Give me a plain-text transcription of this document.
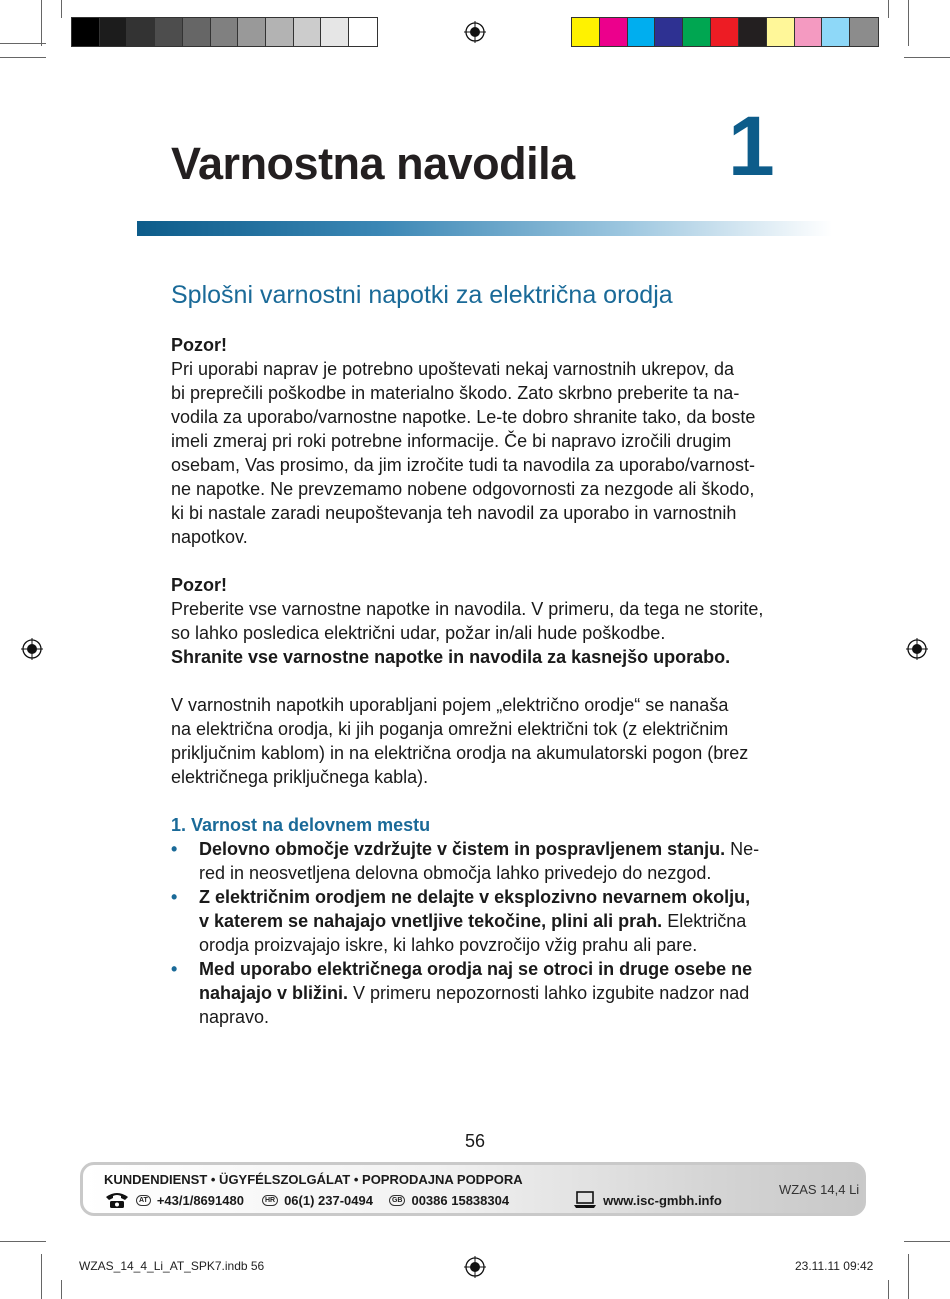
Varnostna navodila 1
Splošni varnostni napotki za električna orodja

Pozor!

Pri uporabi naprav je potrebno upoštevati nekaj varnostnih ukrepov, da
bi preprečili poškodbe in materialno škodo. Zato skrbno preberite ta na-
vodila za uporabo/varnostne napotke. Le-te dobro shranite tako, da boste
imeli zmeraj pri roki potrebne informacije. Če bi napravo izročili drugim
osebam, Vas prosimo, da jim izročite tudi ta navodila za uporabo/varnost-
ne napotke. Ne prevzemamo nobene odgovornosti za nezgode ali škodo,
ki bi nastale zaradi neupoštevanja teh navodil za uporabo in varnostnih
napotkov.

Pozor!

Preberite vse varnostne napotke in navodila. V primeru, da tega ne storite,
so lahko posledica električni udar, požar in/ali hude poškodbe.

Shranite vse varnostne napotke in navodila za kasnejšo uporabo.

V varnostnih napotkih uporabljani pojem „električno orodje“ se nanaša
na električna orodja, ki jih poganja omrežni električni tok (z električnim
priključnim kablom) in na električna orodja na akumulatorski pogon (brez
električnega priključnega kabla).

1. Varnost na delovnem mestu

• Delovno območje vzdržujte v čistem in pospravljenem stanju. Ne-
red in neosvetljena delovna območja lahko privedejo do nezgod.
• Z električnim orodjem ne delajte v eksplozivno nevarnem okolju,
v katerem se nahajajo vnetljive tekočine, plini ali prah. Električna
orodja proizvajajo iskre, ki lahko povzročijo vžig prahu ali pare.
• Med uporabo električnega orodja naj se otroci in druge osebe ne
nahajajo v bližini. V primeru nepozornosti lahko izgubite nadzor nad
napravo.
56
KUNDENDIENST • ÜGYFÉLSZOLGÁLAT • POPRODAJNA PODPORA
AT +43/1/8691480	HR 06(1) 237-0494	GB 00386 15838304	www.isc-gmbh.info
WZAS 14,4 Li
WZAS_14_4_Li_AT_SPK7.indb 56	23.11.11 09:42
